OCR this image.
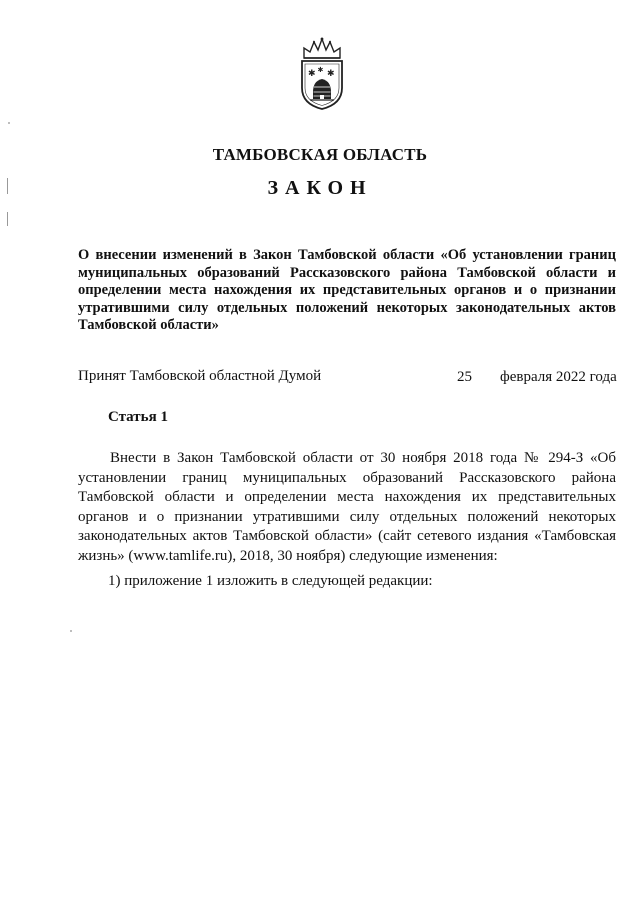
✱ ✱
✱
ТАМБОВСКАЯ ОБЛАСТЬ
ЗАКОН
О внесении изменений в Закон Тамбовской области «Об установлении границ муниципальных образований Рассказовского района Тамбовской области и определении места нахождения их представительных органов и о признании утратившими силу отдельных положений некоторых законодательных актов Тамбовской области»
Принят Тамбовской областной Думой	25 февраля 2022 года
Статья 1

Внести в Закон Тамбовской области от 30 ноября 2018 года № 294-З «Об установлении границ муниципальных образований Рассказовского района Тамбовской области и определении места нахождения их представительных органов и о признании утратившими силу отдельных положений некоторых законодательных актов Тамбовской области» (сайт сетевого издания «Тамбовская жизнь» (www.tamlife.ru), 2018, 30 ноября) следующие изменения:

1) приложение 1 изложить в следующей редакции:
